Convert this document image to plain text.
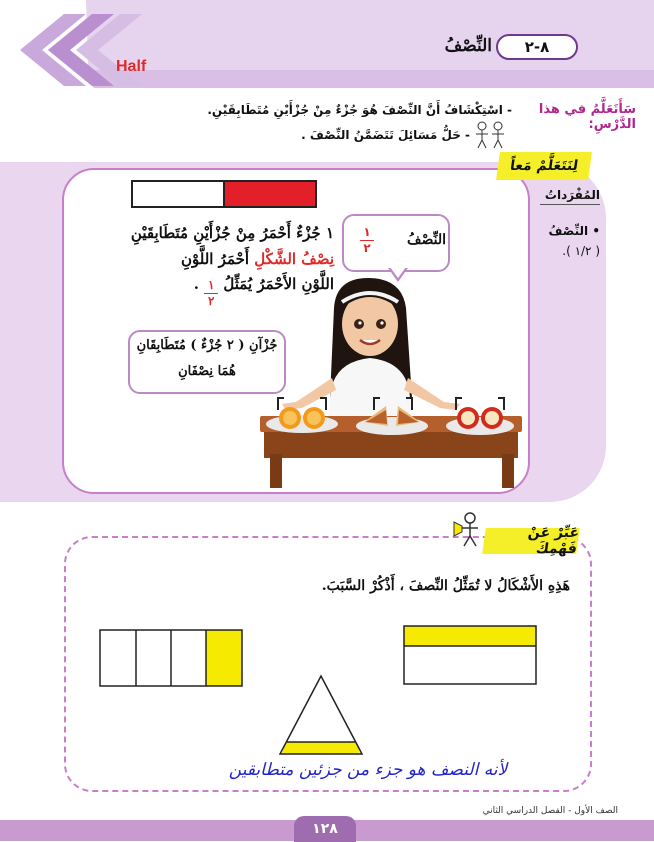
٨-٢
النِّصْفُ
Half
سَأَتَعَلَّمُ في هذا الدَّرْسِ:
- اسْتِكْشَافُ أَنَّ النِّصْفَ هُوَ جُزْءٌ مِنْ جُزْأَيْنِ مُتَطَابِقَيْنِ.
- حَلُّ مَسَائِلَ تَتَضَمَّنُ النِّصْفَ .
لِنَتَعَلَّمْ مَعاً
المُفْرَداتُ
• النِّصْفُ
( ١/٢ ).
١ جُزْءٌ أَحْمَرُ مِنْ جُزْأَيْنِ مُتَطَابِقَيْنِ
نِصْفُ الشَّكْلِ أَحْمَرُ اللَّوْنِ
اللَّوْنِ الأَحْمَرُ يُمَثِّلُ
$\frac{١}{٢}$
.
النِّصْفُ
١
٢
جُزْآنِ ( ٢ جُزْءٌ ) مُتَطَابِقَانِ
هُمَا نِصْفَانِ
عَبِّرْ عَنْ فَهْمِكَ
هَذِهِ الأَشْكَالُ لا تُمَثِّلُ النِّصفَ ، أَذْكُرْ السَّبَبَ.
لأنه النصف هو جزء من جزئين متطابقين
الصف الأول - الفصل الدراسي الثاني
١٢٨
